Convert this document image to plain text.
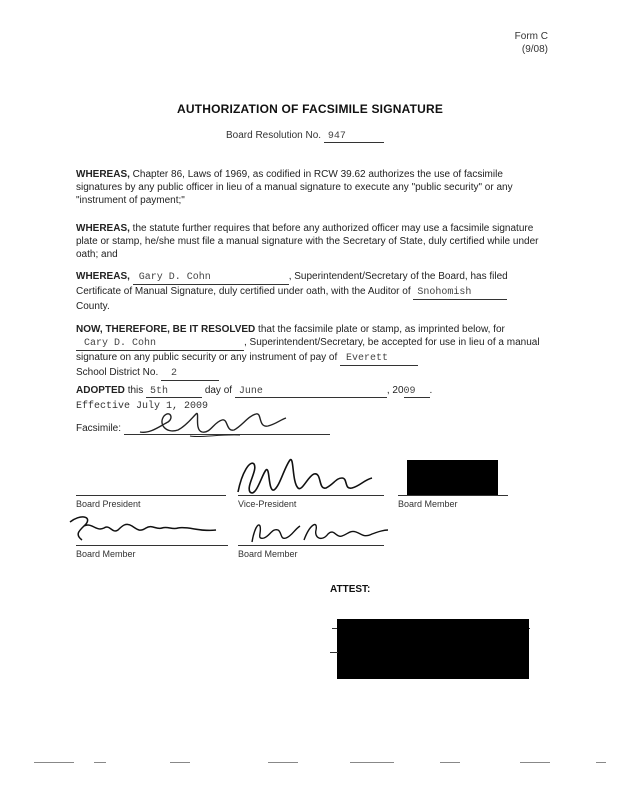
Form C
(9/08)
AUTHORIZATION OF FACSIMILE SIGNATURE
Board Resolution No. 947
WHEREAS, Chapter 86, Laws of 1969, as codified in RCW 39.62 authorizes the use of facsimile signatures by any public officer in lieu of a manual signature to execute any "public security" or any "instrument of payment;"
WHEREAS, the statute further requires that before any authorized officer may use a facsimile signature plate or stamp, he/she must file a manual signature with the Secretary of State, duly certified while under oath; and
WHEREAS, Gary D. Cohn	, Superintendent/Secretary of the Board, has filed Certificate of Manual Signature, duly certified under oath, with the Auditor of Snohomish
County.
NOW, THEREFORE, BE IT RESOLVED that the facsimile plate or stamp, as imprinted below, for Cary D. Cohn	, Superintendent/Secretary, be accepted for use in lieu of a manual signature on any public security or any instrument of pay of Everett
School District No. 2
ADOPTED this 5th	day of June	, 2009 .
Effective July 1, 2009
Facsimile:
Board President	Vice-President	Board Member
Board Member	Board Member
ATTEST:
